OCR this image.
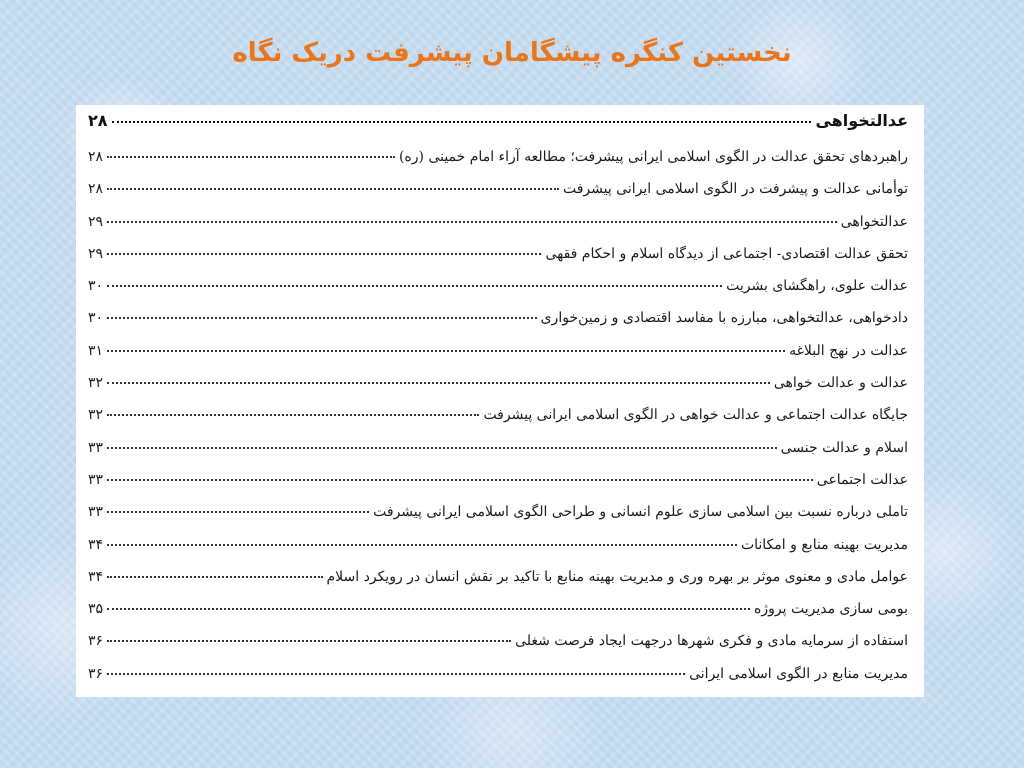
نخستین کنگره پیشگامان پیشرفت دریک نگاه
عدالتخواهی
۲۸
راهبردهای تحقق عدالت در الگوی اسلامی ایرانی پیشرفت؛ مطالعه آراء امام خمینی (ره)
۲۸
توأمانی عدالت و پیشرفت در الگوی اسلامی ایرانی پیشرفت
۲۸
عدالتخواهی
۲۹
تحقق عدالت اقتصادی- اجتماعی از دیدگاه اسلام و احکام فقهی
۲۹
عدالت علوی، راهگشای بشریت
۳۰
دادخواهی، عدالتخواهی، مبارزه با مفاسد اقتصادی و زمین‌خواری
۳۰
عدالت در نهج البلاغه
۳۱
عدالت و عدالت خواهی
۳۲
جایگاه عدالت اجتماعی و عدالت خواهی در الگوی اسلامی ایرانی پیشرفت
۳۲
اسلام و عدالت جنسی
۳۳
عدالت اجتماعی
۳۳
تاملی درباره نسبت بین اسلامی سازی علوم انسانی و طراحی الگوی اسلامی ایرانی پیشرفت
۳۳
مدیریت بهینه منابع و امکانات
۳۴
عوامل مادی و معنوی موثر بر بهره وری و مدیریت بهینه منابع با تاکید بر نقش انسان در رویکرد اسلام
۳۴
بومی سازی مدیریت پروژه
۳۵
استفاده از سرمایه مادی و فکری شهرها درجهت ایجاد فرصت شغلی
۳۶
مدیریت منابع در الگوی اسلامی ایرانی
۳۶
